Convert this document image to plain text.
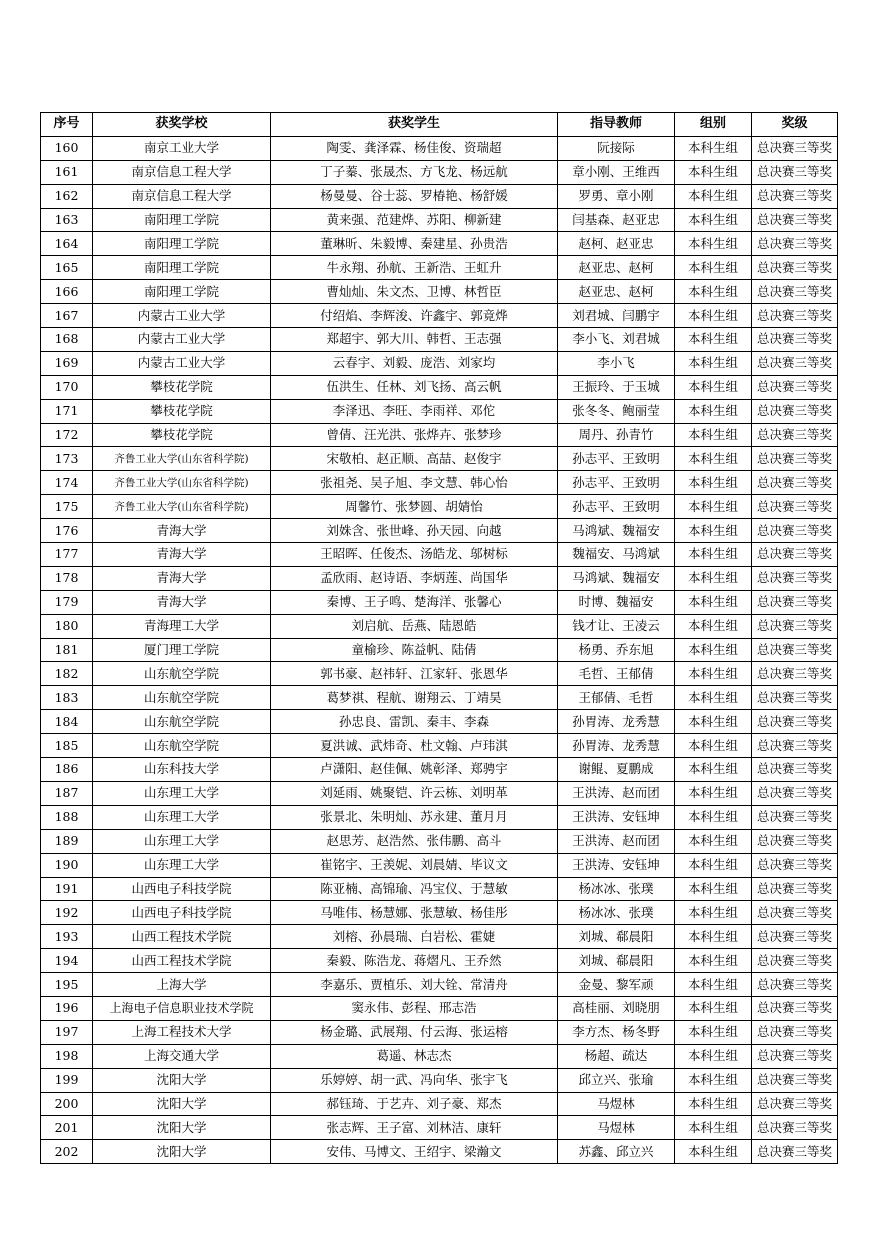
序号	获奖学校	获奖学生	指导教师	组别	奖级
160	南京工业大学	陶雯、龚泽霖、杨佳俊、资瑞超	阮接际	本科生组	总决赛三等奖
161	南京信息工程大学	丁子蓁、张晟杰、方飞龙、杨远航	章小刚、王维西	本科生组	总决赛三等奖
162	南京信息工程大学	杨曼曼、谷士蕊、罗椿艳、杨舒媛	罗勇、章小刚	本科生组	总决赛三等奖
163	南阳理工学院	黄来强、范建烨、苏阳、柳新建	闫基森、赵亚忠	本科生组	总决赛三等奖
164	南阳理工学院	董琳昕、朱毅博、秦建星、孙贵浩	赵柯、赵亚忠	本科生组	总决赛三等奖
165	南阳理工学院	牛永翔、孙航、王新浩、王虹升	赵亚忠、赵柯	本科生组	总决赛三等奖
166	南阳理工学院	曹灿灿、朱文杰、卫博、林哲臣	赵亚忠、赵柯	本科生组	总决赛三等奖
167	内蒙古工业大学	付绍焰、李辉浚、许鑫宇、郭竟烨	刘君城、闫鹏宇	本科生组	总决赛三等奖
168	内蒙古工业大学	郑超宇、郭大川、韩哲、王志强	李小飞、刘君城	本科生组	总决赛三等奖
169	内蒙古工业大学	云春宇、刘毅、庞浩、刘家均	李小飞	本科生组	总决赛三等奖
170	攀枝花学院	伍洪生、任林、刘飞扬、高云帆	王振玲、于玉城	本科生组	总决赛三等奖
171	攀枝花学院	李泽迅、李旺、李雨祥、邓佗	张冬冬、鲍丽莹	本科生组	总决赛三等奖
172	攀枝花学院	曾倩、汪光洪、张烨卉、张梦珍	周丹、孙青竹	本科生组	总决赛三等奖
173	齐鲁工业大学(山东省科学院)	宋敬柏、赵正顺、高喆、赵俊宇	孙志平、王致明	本科生组	总决赛三等奖
174	齐鲁工业大学(山东省科学院)	张祖尧、吴子旭、李文慧、韩心怡	孙志平、王致明	本科生组	总决赛三等奖
175	齐鲁工业大学(山东省科学院)	周馨竹、张梦圆、胡婧怡	孙志平、王致明	本科生组	总决赛三等奖
176	青海大学	刘姝含、张世峰、孙天园、向越	马鸿斌、魏福安	本科生组	总决赛三等奖
177	青海大学	王昭晖、任俊杰、汤皓龙、邬树标	魏福安、马鸿斌	本科生组	总决赛三等奖
178	青海大学	孟欣雨、赵诗语、李炳莲、尚国华	马鸿斌、魏福安	本科生组	总决赛三等奖
179	青海大学	秦博、王子鸣、楚海洋、张馨心	时博、魏福安	本科生组	总决赛三等奖
180	青海理工大学	刘启航、岳燕、陆恩皓	钱才让、王凌云	本科生组	总决赛三等奖
181	厦门理工学院	童榆珍、陈益帆、陆倩	杨勇、乔东旭	本科生组	总决赛三等奖
182	山东航空学院	郭书豪、赵祎轩、江家轩、张恩华	毛哲、王郁倩	本科生组	总决赛三等奖
183	山东航空学院	葛梦祺、程航、谢翔云、丁靖昊	王郁倩、毛哲	本科生组	总决赛三等奖
184	山东航空学院	孙忠良、雷凯、秦丰、李森	孙胃涛、龙秀慧	本科生组	总决赛三等奖
185	山东航空学院	夏洪诚、武炜奇、杜文翰、卢玮淇	孙胃涛、龙秀慧	本科生组	总决赛三等奖
186	山东科技大学	卢潇阳、赵佳佩、姚彰泽、郑骋宇	谢鲲、夏鹏成	本科生组	总决赛三等奖
187	山东理工大学	刘延雨、姚聚铠、许云栋、刘明革	王洪涛、赵而团	本科生组	总决赛三等奖
188	山东理工大学	张景北、朱明灿、苏永建、董月月	王洪涛、安钰坤	本科生组	总决赛三等奖
189	山东理工大学	赵思芳、赵浩然、张伟鹏、高斗	王洪涛、赵而团	本科生组	总决赛三等奖
190	山东理工大学	崔铭宇、王羡妮、刘晨婧、毕议文	王洪涛、安钰坤	本科生组	总决赛三等奖
191	山西电子科技学院	陈亚楠、高锦瑜、冯宝仪、于慧敏	杨冰冰、张璞	本科生组	总决赛三等奖
192	山西电子科技学院	马唯伟、杨慧娜、张慧敏、杨佳彤	杨冰冰、张璞	本科生组	总决赛三等奖
193	山西工程技术学院	刘榕、孙晨瑞、白岩松、霍婕	刘城、郗晨阳	本科生组	总决赛三等奖
194	山西工程技术学院	秦毅、陈浩龙、蒋熠凡、王乔然	刘城、郗晨阳	本科生组	总决赛三等奖
195	上海大学	李嘉乐、贾植乐、刘大铨、常清舟	金曼、黎军顽	本科生组	总决赛三等奖
196	上海电子信息职业技术学院	窦永伟、彭程、邢志浩	高桂丽、刘晓朋	本科生组	总决赛三等奖
197	上海工程技术大学	杨金璐、武展翔、付云海、张运榕	李方杰、杨冬野	本科生组	总决赛三等奖
198	上海交通大学	葛遥、林志杰	杨超、疏达	本科生组	总决赛三等奖
199	沈阳大学	乐婷婷、胡一武、冯向华、张宇飞	邱立兴、张瑜	本科生组	总决赛三等奖
200	沈阳大学	郝钰琦、于艺卉、刘子豪、郑杰	马煜林	本科生组	总决赛三等奖
201	沈阳大学	张志辉、王子富、刘林洁、康轩	马煜林	本科生组	总决赛三等奖
202	沈阳大学	安伟、马博文、王绍宇、梁瀚文	苏鑫、邱立兴	本科生组	总决赛三等奖
